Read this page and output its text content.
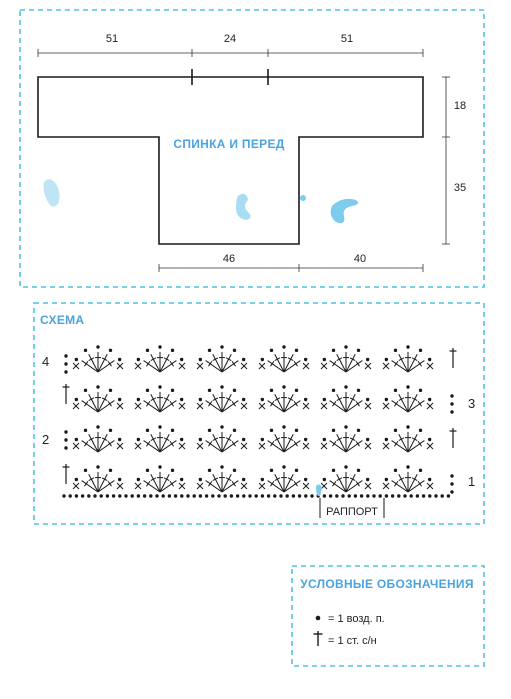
51	24	51
18
35
46	40
СПИНКА И ПЕРЕД
СХЕМА
4
2
3
1
РАППОРТ
УСЛОВНЫЕ ОБОЗНАЧЕНИЯ
= 1 возд. п.
= 1 ст. с/н
